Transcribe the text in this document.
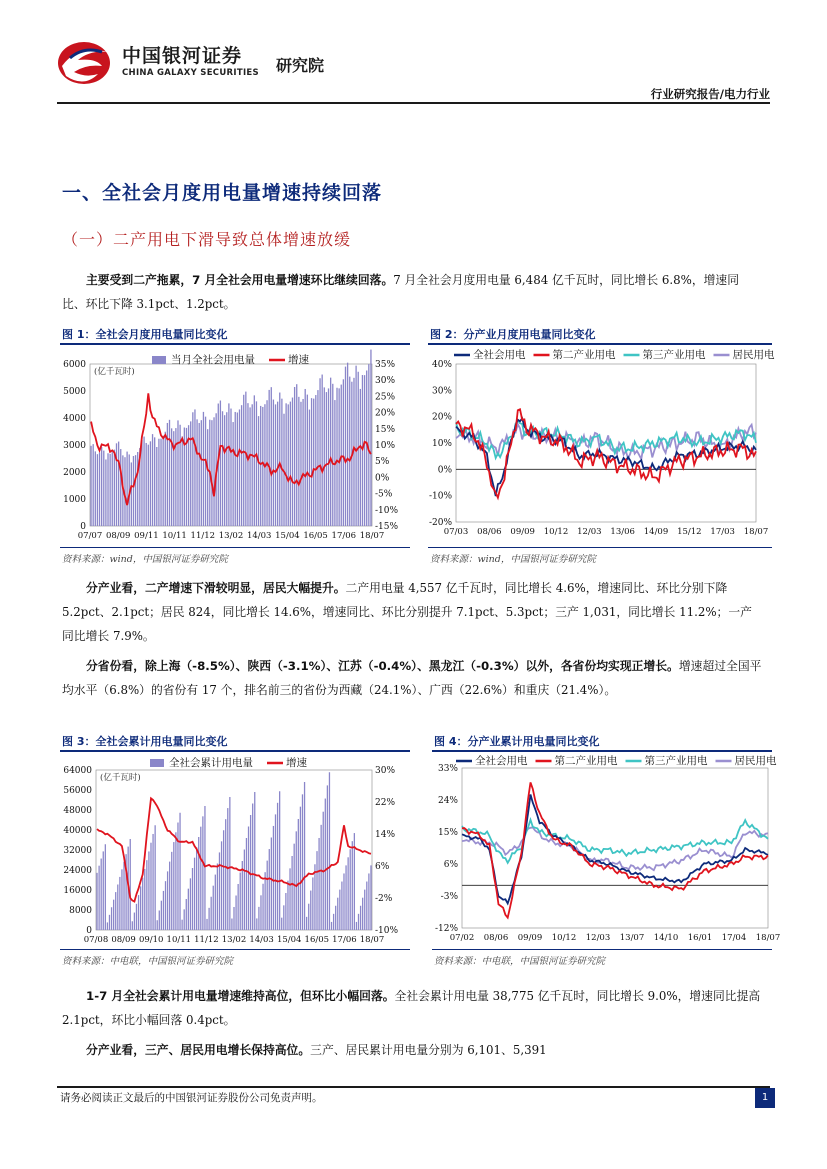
中国银河证券
CHINA GALAXY SECURITIES 研究院
行业研究报告/电力行业
一、全社会月度用电量增速持续回落
（一）二产用电下滑导致总体增速放缓
主要受到二产拖累，7 月全社会用电量增速环比继续回落。7 月全社会月度用电量 6,484 亿千瓦时，同比增长 6.8%，增速同比、环比下降 3.1pct、1.2pct。
图 1：全社会月度用电量同比变化
0
1000
2000
3000
4000
5000
6000
-15%
-10%
-5%
0%
5%
10%
15%
20%
25%
30%
35%
07/07 08/09 09/11 10/11 11/12 13/02 14/03 15/04 16/05 17/06 18/07
(亿千瓦时)
当月全社会用电量	增速
资料来源：wind，中国银河证券研究院
图 2：分产业月度用电量同比变化
-20%
-10%
0%
10%
20%
30%
40%
07/03 08/06 09/09 10/12 12/03 13/06 14/09 15/12 17/03 18/07
全社会用电	第二产业用电	第三产业用电	居民用电
资料来源：wind，中国银河证券研究院
分产业看，二产增速下滑较明显，居民大幅提升。二产用电量 4,557 亿千瓦时，同比增长 4.6%，增速同比、环比分别下降 5.2pct、2.1pct；居民 824，同比增长 14.6%，增速同比、环比分别提升 7.1pct、5.3pct；三产 1,031，同比增长 11.2%；一产同比增长 7.9%。
分省份看，除上海（-8.5%）、陕西（-3.1%）、江苏（-0.4%）、黑龙江（-0.3%）以外，各省份均实现正增长。增速超过全国平均水平（6.8%）的省份有 17 个，排名前三的省份为西藏（24.1%）、广西（22.6%）和重庆（21.4%）。
图 3：全社会累计用电量同比变化
0
8000
16000
24000
32000
40000
48000
56000
64000
-10%
-2%
6%
14%
22%
30%
07/08 08/09 09/10 10/11 11/12 13/02 14/03 15/04 16/05 17/06 18/07
(亿千瓦时)
全社会累计用电量	增速
资料来源：中电联，中国银河证券研究院
图 4：分产业累计用电量同比变化
-12%
-3%
6%
15%
24%
33%
07/02 08/06 09/09 10/12 12/03 13/07 14/10 16/01 17/04 18/07
全社会用电	第二产业用电	第三产业用电	居民用电
资料来源：中电联，中国银河证券研究院
1-7 月全社会累计用电量增速维持高位，但环比小幅回落。全社会累计用电量 38,775 亿千瓦时，同比增长 9.0%，增速同比提高 2.1pct，环比小幅回落 0.4pct。
分产业看，三产、居民用电增长保持高位。三产、居民累计用电量分别为 6,101、5,391
请务必阅读正文最后的中国银河证券股份公司免责声明。	1
